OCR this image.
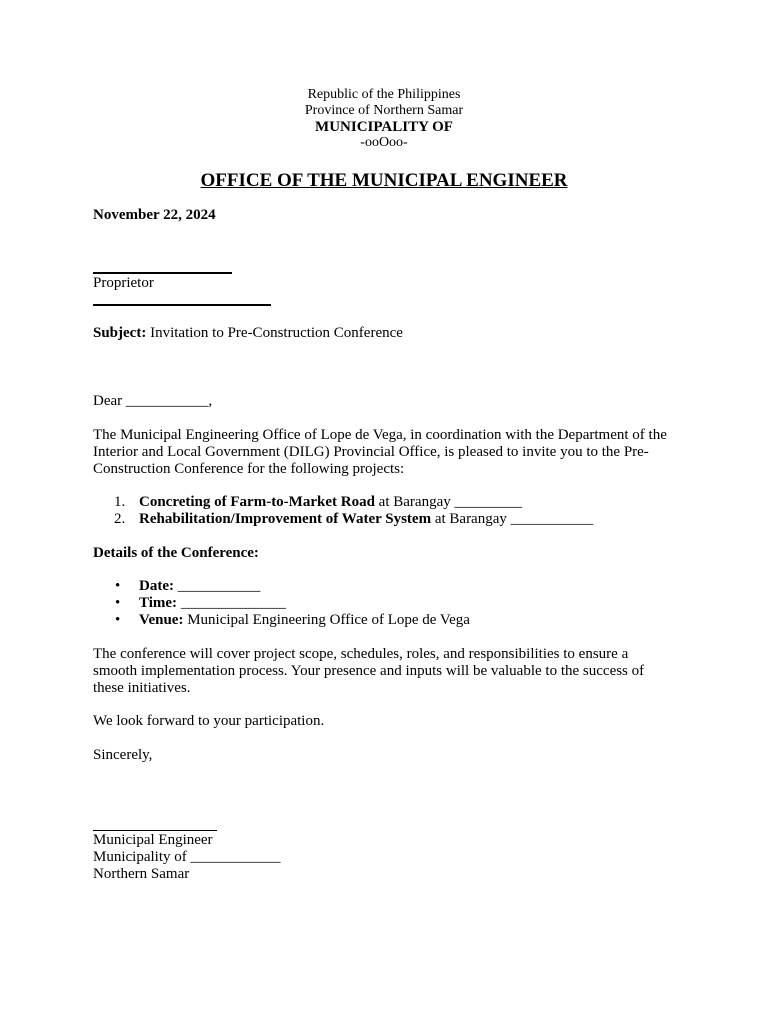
Republic of the Philippines
Province of Northern Samar
MUNICIPALITY OF
-ooOoo-
OFFICE OF THE MUNICIPAL ENGINEER
November 22, 2024
Proprietor
Subject: Invitation to Pre-Construction Conference
Dear ___________,
The Municipal Engineering Office of Lope de Vega, in coordination with the Department of the Interior and Local Government (DILG) Provincial Office, is pleased to invite you to the Pre-Construction Conference for the following projects:
1. Concreting of Farm-to-Market Road at Barangay _________
2. Rehabilitation/Improvement of Water System at Barangay ___________
Details of the Conference:
• Date: ___________
• Time: ______________
• Venue: Municipal Engineering Office of Lope de Vega
The conference will cover project scope, schedules, roles, and responsibilities to ensure a smooth implementation process. Your presence and inputs will be valuable to the success of these initiatives.
We look forward to your participation.
Sincerely,
Municipal Engineer
Municipality of ____________
Northern Samar
